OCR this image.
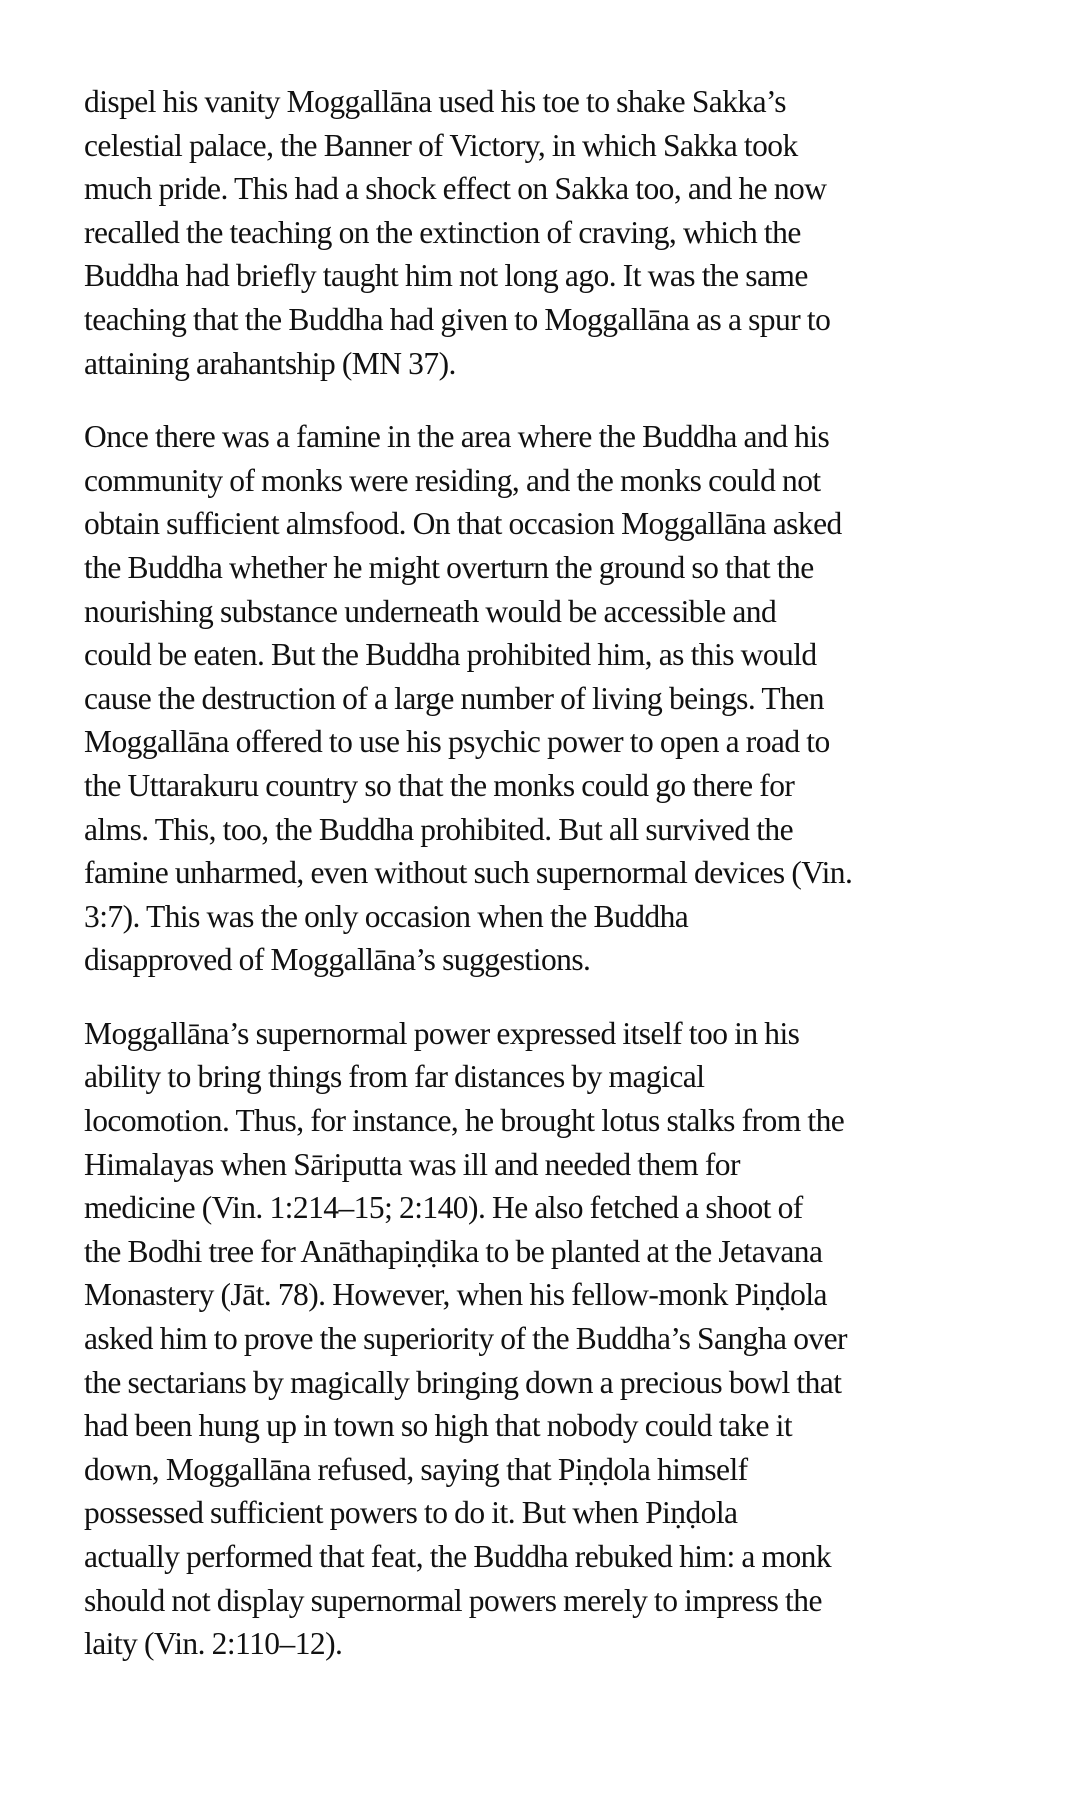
dispel his vanity Moggallāna used his toe to shake Sakka’s
celestial palace, the Banner of Victory, in which Sakka took
much pride. This had a shock effect on Sakka too, and he now
recalled the teaching on the extinction of craving, which the
Buddha had briefly taught him not long ago. It was the same
teaching that the Buddha had given to Moggallāna as a spur to
attaining arahantship (MN 37).

Once there was a famine in the area where the Buddha and his
community of monks were residing, and the monks could not
obtain sufficient almsfood. On that occasion Moggallāna asked
the Buddha whether he might overturn the ground so that the
nourishing substance underneath would be accessible and
could be eaten. But the Buddha prohibited him, as this would
cause the destruction of a large number of living beings. Then
Moggallāna offered to use his psychic power to open a road to
the Uttarakuru country so that the monks could go there for
alms. This, too, the Buddha prohibited. But all survived the
famine unharmed, even without such supernormal devices (Vin.
3:7). This was the only occasion when the Buddha
disapproved of Moggallāna’s suggestions.

Moggallāna’s supernormal power expressed itself too in his
ability to bring things from far distances by magical
locomotion. Thus, for instance, he brought lotus stalks from the
Himalayas when Sāriputta was ill and needed them for
medicine (Vin. 1:214–15; 2:140). He also fetched a shoot of
the Bodhi tree for Anāthapiṇḍika to be planted at the Jetavana
Monastery (Jāt. 78). However, when his fellow-monk Piṇḍola
asked him to prove the superiority of the Buddha’s Sangha over
the sectarians by magically bringing down a precious bowl that
had been hung up in town so high that nobody could take it
down, Moggallāna refused, saying that Piṇḍola himself
possessed sufficient powers to do it. But when Piṇḍola
actually performed that feat, the Buddha rebuked him: a monk
should not display supernormal powers merely to impress the
laity (Vin. 2:110–12).
